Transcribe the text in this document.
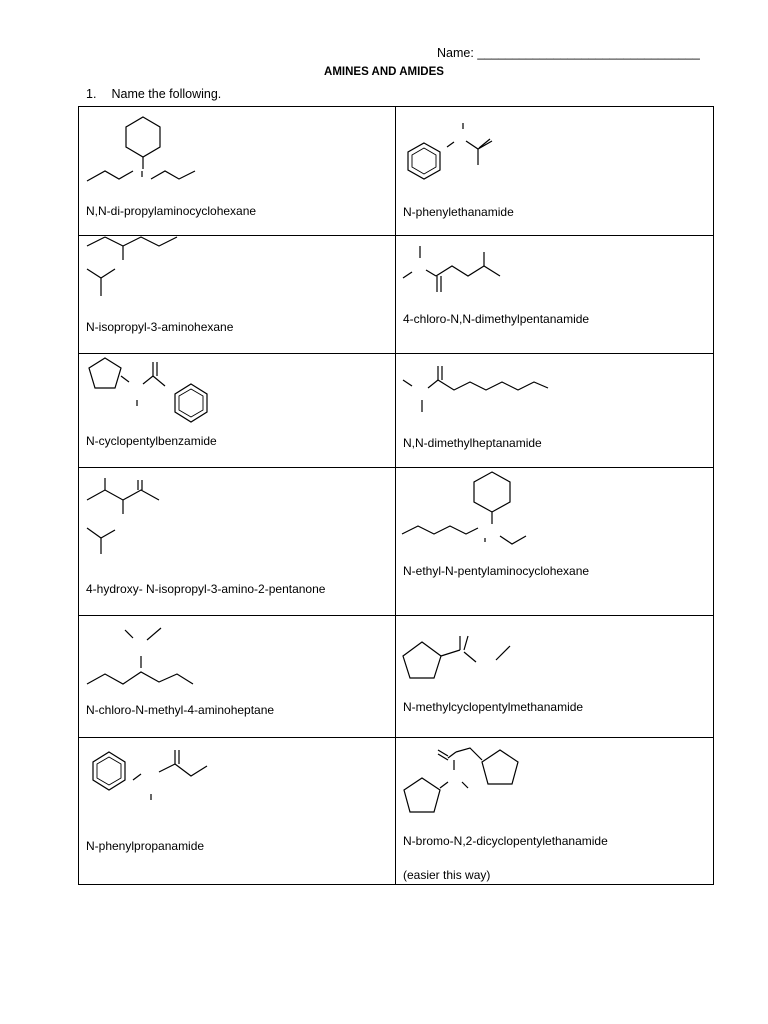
Name: ________________________________
AMINES AND AMIDES
1. Name the following.
N,N-di-propylaminocyclohexane	N-phenylethanamide

N-isopropyl-3-aminohexane	4-chloro-N,N-dimethylpentanamide

N-cyclopentylbenzamide	N,N-dimethylheptanamide

4-hydroxy- N-isopropyl-3-amino-2-pentanone	N-ethyl-N-pentylaminocyclohexane

N-chloro-N-methyl-4-aminoheptane	N-methylcyclopentylmethanamide

N-phenylpropanamide	N-bromo-N,2-dicyclopentylethanamide
(easier this way)
